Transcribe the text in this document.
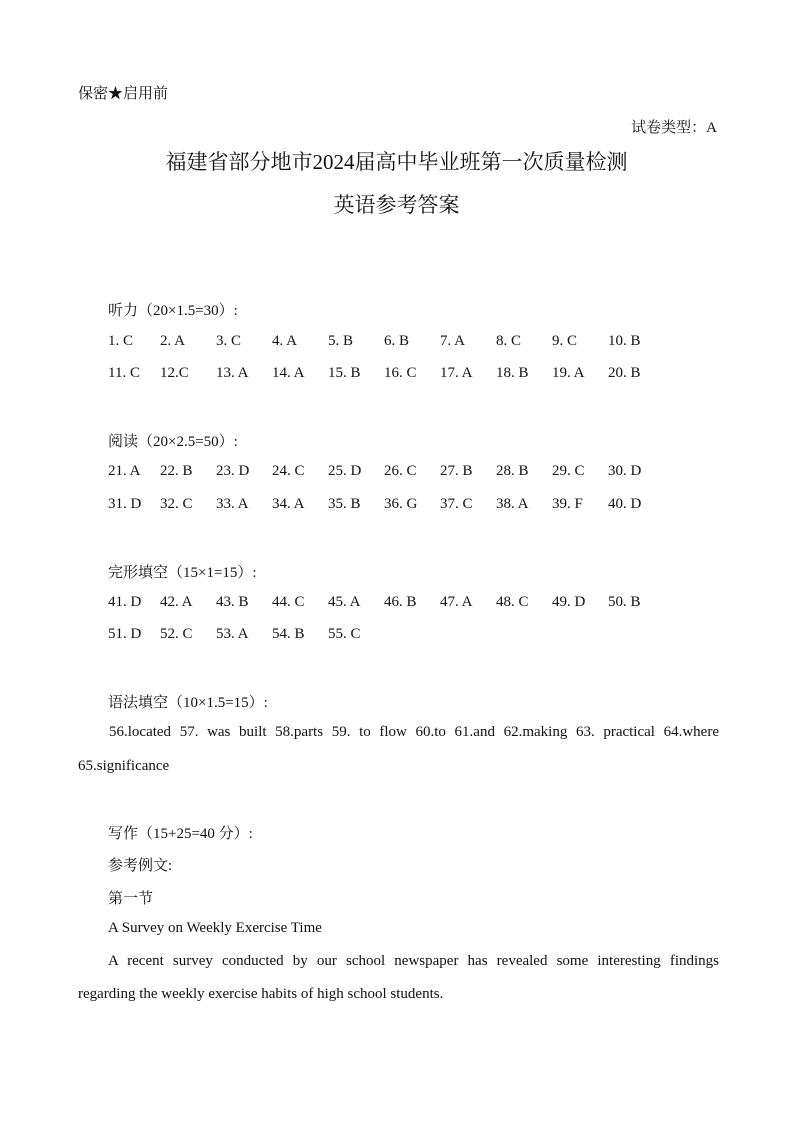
保密★启用前
试卷类型：A
福建省部分地市2024届高中毕业班第一次质量检测
英语参考答案
听力（20×1.5=30）:
1. C 2. A 3. C 4. A 5. B 6. B 7. A 8. C 9. C 10. B
11. C 12.C 13. A 14. A 15. B 16. C 17. A 18. B 19. A 20. B
阅读（20×2.5=50）:
21. A 22. B 23. D 24. C 25. D 26. C 27. B 28. B 29. C 30. D
31. D 32. C 33. A 34. A 35. B 36. G 37. C 38. A 39. F 40. D
完形填空（15×1=15）:
41. D 42. A 43. B 44. C 45. A 46. B 47. A 48. C 49. D 50. B
51. D 52. C 53. A 54. B 55. C
语法填空（10×1.5=15）:
56.located 57. was built 58.parts 59. to flow 60.to 61.and 62.making 63. practical 64.where
65.significance
写作（15+25=40 分）:
参考例文:
第一节
A Survey on Weekly Exercise Time
A recent survey conducted by our school newspaper has revealed some interesting findings
regarding the weekly exercise habits of high school students.
